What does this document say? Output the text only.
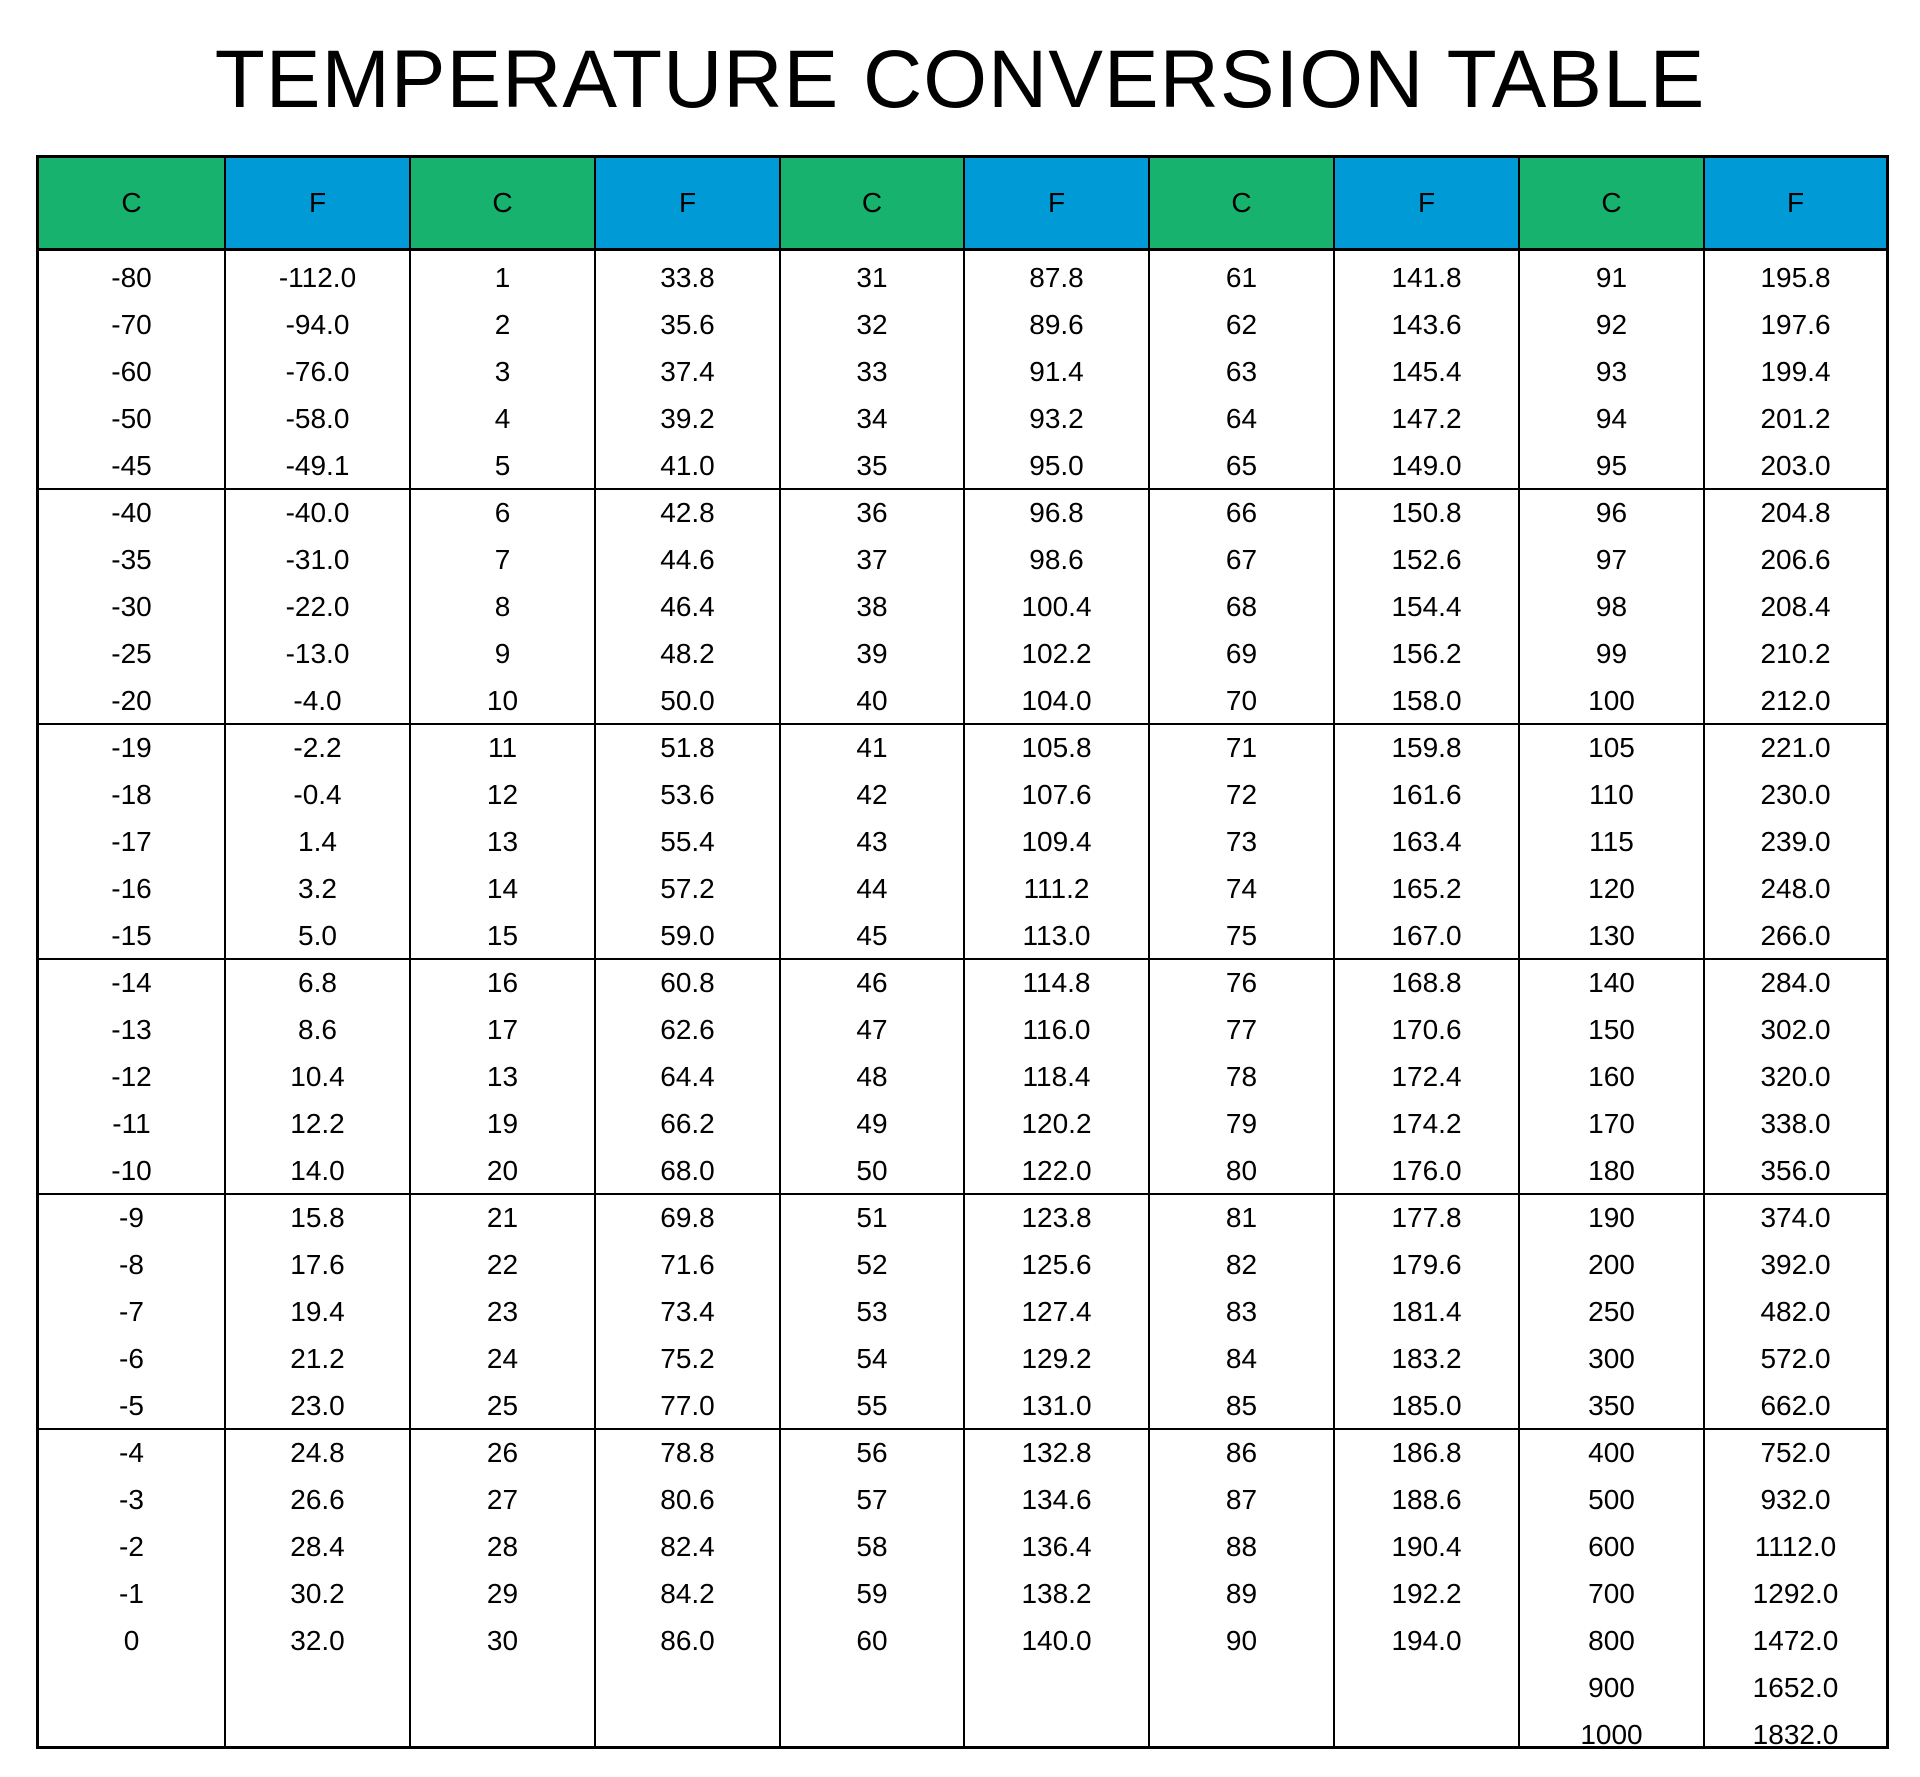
TEMPERATURE CONVERSION TABLE
C
-80
-70
-60
-50
-45
-40
-35
-30
-25
-20
-19
-18
-17
-16
-15
-14
-13
-12
-11
-10
-9
-8
-7
-6
-5
-4
-3
-2
-1
0
F
-112.0
-94.0
-76.0
-58.0
-49.1
-40.0
-31.0
-22.0
-13.0
-4.0
-2.2
-0.4
1.4
3.2
5.0
6.8
8.6
10.4
12.2
14.0
15.8
17.6
19.4
21.2
23.0
24.8
26.6
28.4
30.2
32.0
C
1
2
3
4
5
6
7
8
9
10
11
12
13
14
15
16
17
13
19
20
21
22
23
24
25
26
27
28
29
30
F
33.8
35.6
37.4
39.2
41.0
42.8
44.6
46.4
48.2
50.0
51.8
53.6
55.4
57.2
59.0
60.8
62.6
64.4
66.2
68.0
69.8
71.6
73.4
75.2
77.0
78.8
80.6
82.4
84.2
86.0
C
31
32
33
34
35
36
37
38
39
40
41
42
43
44
45
46
47
48
49
50
51
52
53
54
55
56
57
58
59
60
F
87.8
89.6
91.4
93.2
95.0
96.8
98.6
100.4
102.2
104.0
105.8
107.6
109.4
111.2
113.0
114.8
116.0
118.4
120.2
122.0
123.8
125.6
127.4
129.2
131.0
132.8
134.6
136.4
138.2
140.0
C
61
62
63
64
65
66
67
68
69
70
71
72
73
74
75
76
77
78
79
80
81
82
83
84
85
86
87
88
89
90
F
141.8
143.6
145.4
147.2
149.0
150.8
152.6
154.4
156.2
158.0
159.8
161.6
163.4
165.2
167.0
168.8
170.6
172.4
174.2
176.0
177.8
179.6
181.4
183.2
185.0
186.8
188.6
190.4
192.2
194.0
C
91
92
93
94
95
96
97
98
99
100
105
110
115
120
130
140
150
160
170
180
190
200
250
300
350
400
500
600
700
800
900
1000
F
195.8
197.6
199.4
201.2
203.0
204.8
206.6
208.4
210.2
212.0
221.0
230.0
239.0
248.0
266.0
284.0
302.0
320.0
338.0
356.0
374.0
392.0
482.0
572.0
662.0
752.0
932.0
1112.0
1292.0
1472.0
1652.0
1832.0
